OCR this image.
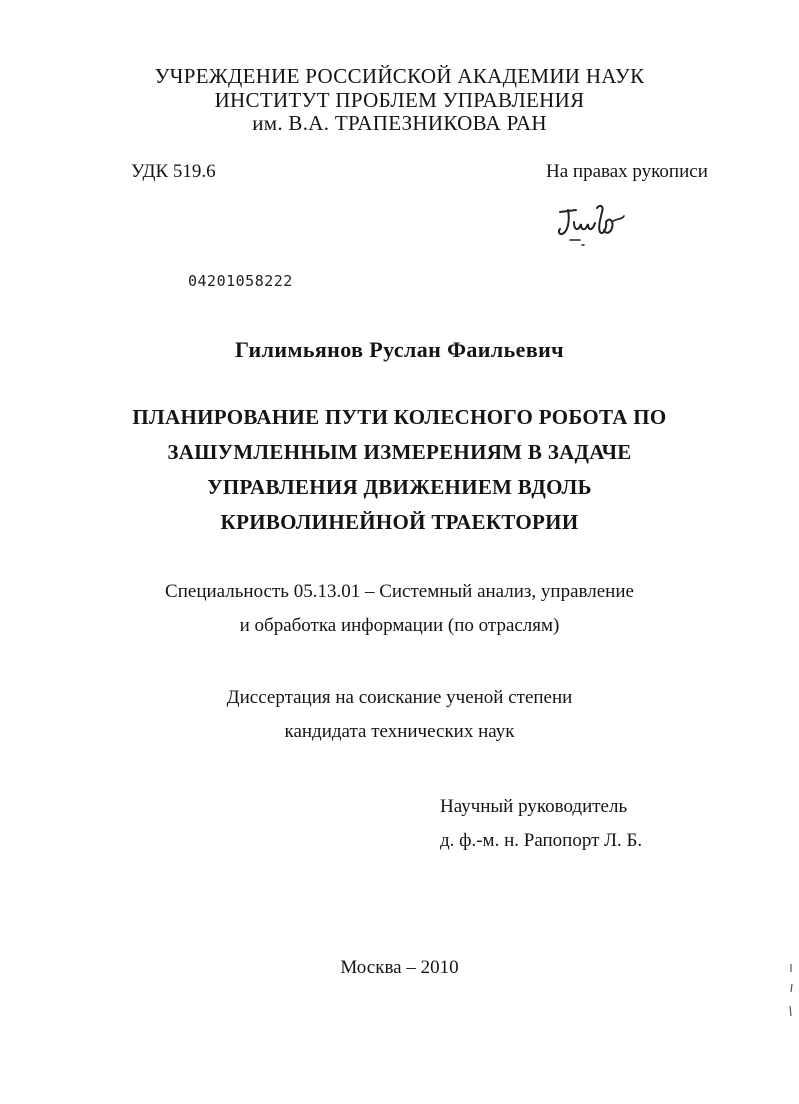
УЧРЕЖДЕНИЕ РОССИЙСКОЙ АКАДЕМИИ НАУК
ИНСТИТУТ ПРОБЛЕМ УПРАВЛЕНИЯ
им. В.А. ТРАПЕЗНИКОВА РАН
УДК 519.6	На правах рукописи
04201058222
Гилимьянов Руслан Фаильевич
ПЛАНИРОВАНИЕ ПУТИ КОЛЕСНОГО РОБОТА ПО
ЗАШУМЛЕННЫМ ИЗМЕРЕНИЯМ В ЗАДАЧЕ
УПРАВЛЕНИЯ ДВИЖЕНИЕМ ВДОЛЬ
КРИВОЛИНЕЙНОЙ ТРАЕКТОРИИ
Специальность 05.13.01 – Системный анализ, управление
и обработка информации (по отраслям)
Диссертация на соискание ученой степени
кандидата технических наук
Научный руководитель
д. ф.-м. н. Рапопорт Л. Б.
Москва – 2010
